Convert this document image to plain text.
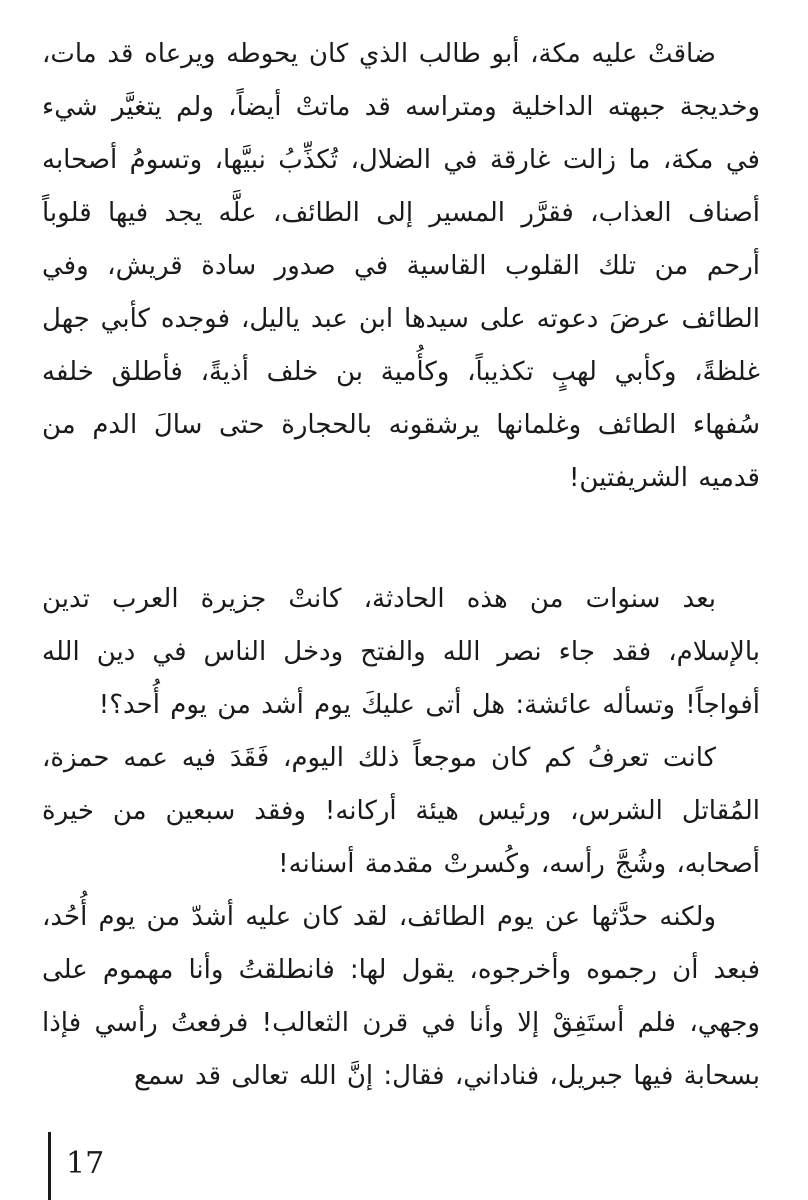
ضاقتْ عليه مكة، أبو طالب الذي كان يحوطه ويرعاه قد مات، وخديجة جبهته الداخلية ومتراسه قد ماتتْ أيضاً، ولم يتغيَّر شيء في مكة، ما زالت غارقة في الضلال، تُكذِّبُ نبيَّها، وتسومُ أصحابه أصناف العذاب، فقرَّر المسير إلى الطائف، علَّه يجد فيها قلوباً أرحم من تلك القلوب القاسية في صدور سادة قريش، وفي الطائف عرضَ دعوته على سيدها ابن عبد ياليل، فوجده كأبي جهل غلظةً، وكأبي لهبٍ تكذيباً، وكأُمية بن خلف أذيةً، فأطلق خلفه سُفهاء الطائف وغلمانها يرشقونه بالحجارة حتى سالَ الدم من قدميه الشريفتين!

بعد سنوات من هذه الحادثة، كانتْ جزيرة العرب تدين بالإسلام، فقد جاء نصر الله والفتح ودخل الناس في دين الله أفواجاً! وتسأله عائشة: هل أتى عليكَ يوم أشد من يوم أُحد؟!

كانت تعرفُ كم كان موجعاً ذلك اليوم، فَقَدَ فيه عمه حمزة، المُقاتل الشرس، ورئيس هيئة أركانه! وفقد سبعين من خيرة أصحابه، وشُجَّ رأسه، وكُسرتْ مقدمة أسنانه!

ولكنه حدَّثها عن يوم الطائف، لقد كان عليه أشدّ من يوم أُحُد، فبعد أن رجموه وأخرجوه، يقول لها: فانطلقتُ وأنا مهموم على وجهي، فلم أستَفِقْ إلا وأنا في قرن الثعالب! فرفعتُ رأسي فإذا بسحابة فيها جبريل، فناداني، فقال: إنَّ الله تعالى قد سمع

17
